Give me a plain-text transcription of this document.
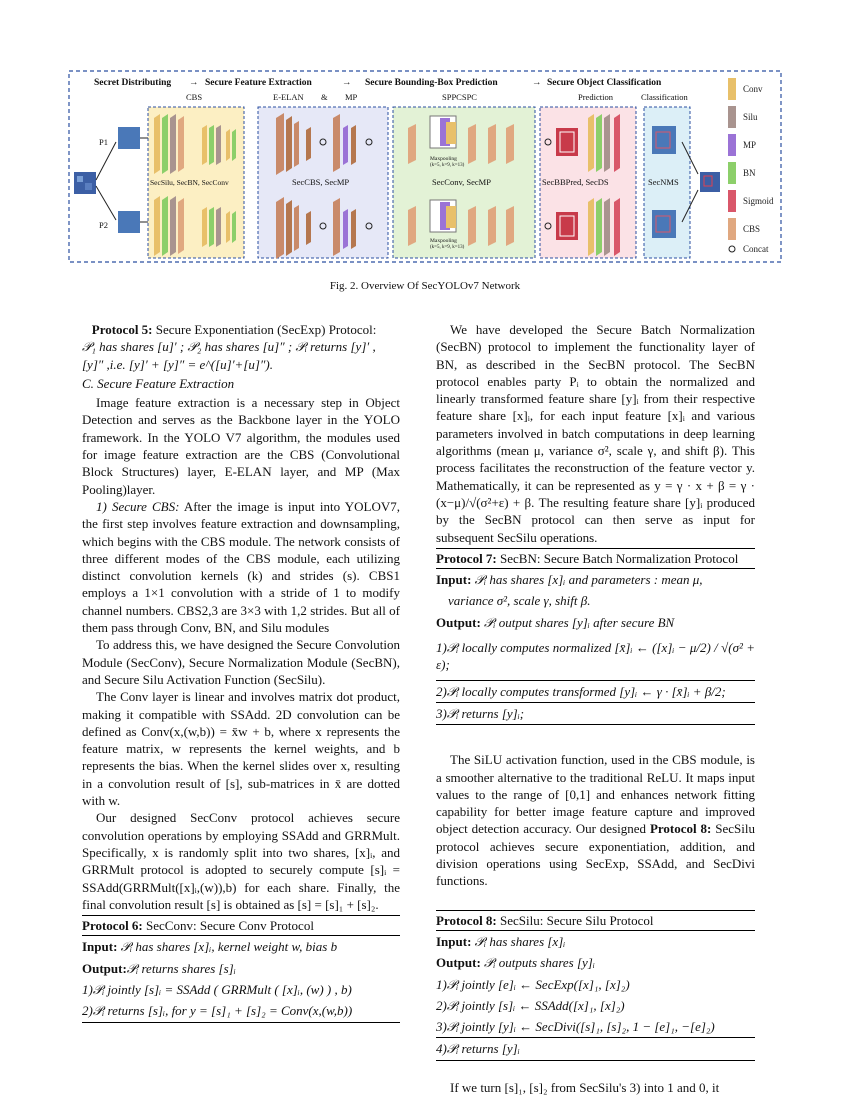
Secret Distributing → Secure Feature Extraction	→ Secure Bounding-Box Prediction	→ Secure Object Classification
CBS	E-ELAN & MP	SPPCSPC	Prediction	Classification
P1
P2
SecSilu, SecBN, SecConv	SecCBS, SecMP	SecConv, SecMP
Maxpooling
(k=5, k=9, k=13)
Maxpooling
(k=5, k=9, k=13)
SecBBPred, SecDS	SecNMS
Conv
Silu
MP
BN
Sigmoid
CBS
Concat
Fig. 2. Overview Of SecYOLOv7 Network

Protocol 5: Secure Exponentiation (SecExp) Protocol:

𝒫₁ has shares [u]′ ; 𝒫₂ has shares [u]″ ; 𝒫ᵢ returns [y]′ ,

[y]″ ,i.e. [y]′ + [y]″ = e^([u]′+[u]″).

C. Secure Feature Extraction

Image feature extraction is a necessary step in Object Detection and serves as the Backbone layer in the YOLO framework. In the YOLO V7 algorithm, the modules used for image feature extraction are the CBS (Convolutional Block Structures) layer, E-ELAN layer, and MP (Max Pooling)layer.

1) Secure CBS: After the image is input into YOLOV7, the first step involves feature extraction and downsampling, which begins with the CBS module. The network consists of three different modes of the CBS module, each utilizing distinct convolution kernels (k) and strides (s). CBS1 employs a 1×1 convolution with a stride of 1 to modify channel numbers. CBS2,3 are 3×3 with 1,2 strides. But all of them pass through Conv, BN, and Silu modules

To address this, we have designed the Secure Convolution Module (SecConv), Secure Normalization Module (SecBN), and Secure Silu Activation Function (SecSilu).

The Conv layer is linear and involves matrix dot product, making it compatible with SSAdd. 2D convolution can be defined as Conv(x,(w,b)) = x̄w + b, where x represents the feature matrix, w represents the kernel weights, and b represents the bias. When the kernel slides over x, resulting in a convolution result of [s], sub-matrices in x̄ are dotted with w.

Our designed SecConv protocol achieves secure convolution operations by employing SSAdd and GRRMult. Specifically, x is randomly split into two shares, [x]ᵢ, and GRRMult protocol is adopted to securely compute [s]ᵢ = SSAdd(GRRMult([x]ᵢ,(w)),b) for each share. Finally, the final convolution result [s] is obtained as [s] = [s]₁ + [s]₂.

Protocol 6: SecConv: Secure Conv Protocol
Input: 𝒫ᵢ has shares [x]ᵢ, kernel weight w, bias b
Output:𝒫ᵢ returns shares [s]ᵢ
1)𝒫ᵢ jointly [s]ᵢ = SSAdd ( GRRMult ( [x]ᵢ, (w) ) , b)
2)𝒫ᵢ returns [s]ᵢ, for y = [s]₁ + [s]₂ = Conv(x,(w,b))

We have developed the Secure Batch Normalization (SecBN) protocol to implement the functionality layer of BN, as described in the SecBN protocol. The SecBN protocol enables party Pᵢ to obtain the normalized and linearly transformed feature share [y]ᵢ from their respective feature share [x]ᵢ, for each input feature [x]ᵢ and various parameters involved in batch computations in deep learning algorithms (mean μ, variance σ², scale γ, and shift β). This process facilitates the reconstruction of the feature vector y. Mathematically, it can be represented as y = γ · x + β = γ · (x−μ)/√(σ²+ε) + β. The resulting feature share [y]ᵢ produced by the SecBN protocol can then serve as input for subsequent SecSilu operations.

Protocol 7: SecBN: Secure Batch Normalization Protocol
Input: 𝒫ᵢ has shares [x]ᵢ and parameters : mean μ,
variance σ², scale γ, shift β.
Output: 𝒫ᵢ output shares [y]ᵢ after secure BN
1)𝒫ᵢ locally computes normalized [x̄]ᵢ ← ([x]ᵢ − μ/2) / √(σ² + ε);
2)𝒫ᵢ locally computes transformed [y]ᵢ ← γ · [x̄]ᵢ + β/2;
3)𝒫ᵢ returns [y]ᵢ;

The SiLU activation function, used in the CBS module, is a smoother alternative to the traditional ReLU. It maps input values to the range of [0,1] and enhances network fitting capability for better image feature capture and improved object detection accuracy. Our designed Protocol 8: SecSilu protocol achieves secure exponentiation, addition, and division operations using SecExp, SSAdd, and SecDivi functions.

Protocol 8: SecSilu: Secure Silu Protocol
Input: 𝒫ᵢ has shares [x]ᵢ
Output: 𝒫ᵢ outputs shares [y]ᵢ
1)𝒫ᵢ jointly [e]ᵢ ← SecExp([x]₁, [x]₂)
2)𝒫ᵢ jointly [s]ᵢ ← SSAdd([x]₁, [x]₂)
3)𝒫ᵢ jointly [y]ᵢ ← SecDivi([s]₁, [s]₂, 1 − [e]₁, −[e]₂)
4)𝒫ᵢ returns [y]ᵢ

If we turn [s]₁, [s]₂ from SecSilu's 3) into 1 and 0, it
